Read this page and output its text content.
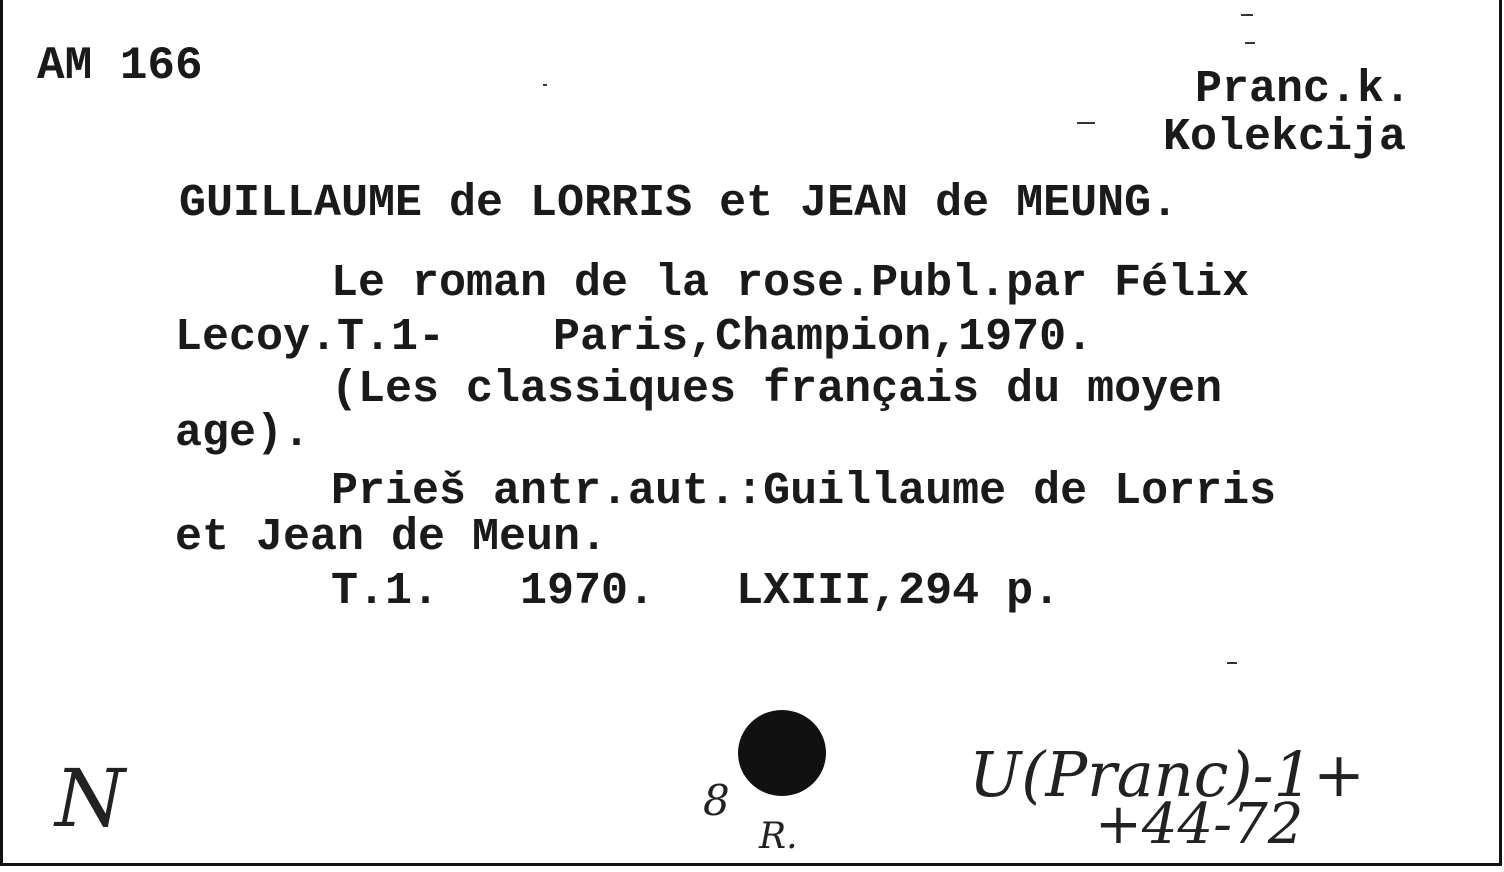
AM 166	Pranc.k.
Kolekcija
GUILLAUME de LORRIS et JEAN de MEUNG.
Le roman de la rose.Publ.par Félix
Lecoy.T.1-    Paris,Champion,1970.
(Les classiques français du moyen
age).
Prieš antr.aut.:Guillaume de Lorris
et Jean de Meun.
T.1.   1970.   LXIII,294 p.
N	8
R.
U(Pranc)-1+
+44-72
